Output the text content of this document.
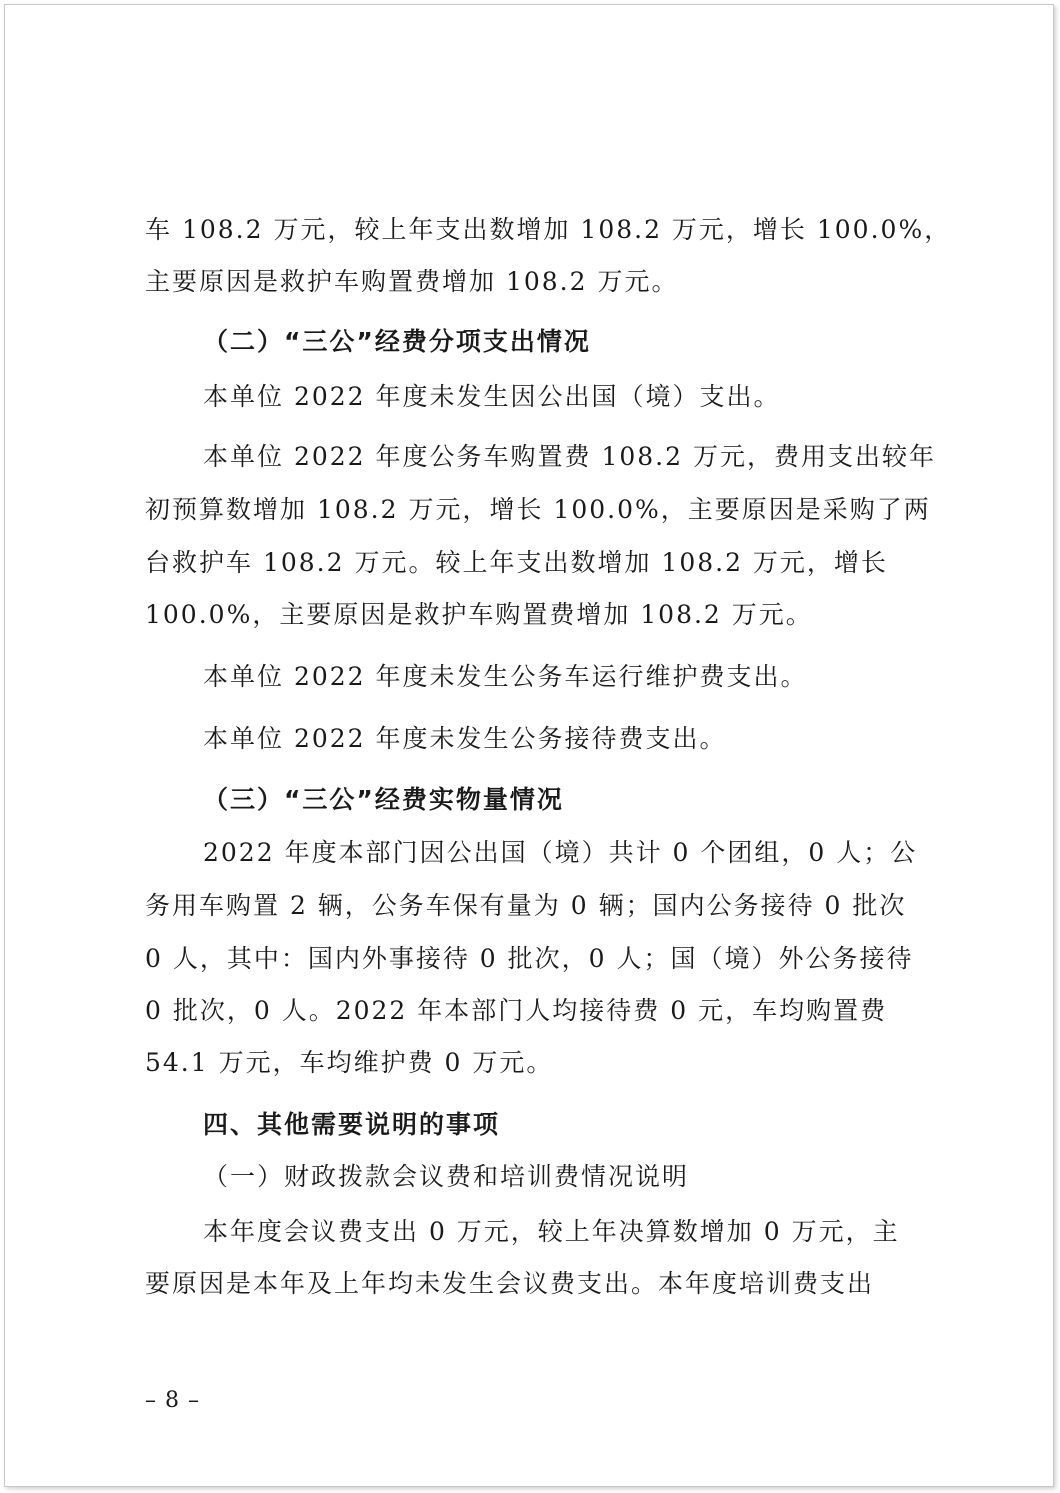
车 108.2 万元，较上年支出数增加 108.2 万元，增长 100.0%，
主要原因是救护车购置费增加 108.2 万元。
（二）“三公”经费分项支出情况
本单位 2022 年度未发生因公出国（境）支出。
本单位 2022 年度公务车购置费 108.2 万元，费用支出较年
初预算数增加 108.2 万元，增长 100.0%，主要原因是采购了两
台救护车 108.2 万元。较上年支出数增加 108.2 万元，增长
100.0%，主要原因是救护车购置费增加 108.2 万元。
本单位 2022 年度未发生公务车运行维护费支出。
本单位 2022 年度未发生公务接待费支出。
（三）“三公”经费实物量情况
2022 年度本部门因公出国（境）共计 0 个团组，0 人；公
务用车购置 2 辆，公务车保有量为 0 辆；国内公务接待 0 批次
0 人，其中：国内外事接待 0 批次，0 人；国（境）外公务接待
0 批次，0 人。2022 年本部门人均接待费 0 元，车均购置费
54.1 万元，车均维护费 0 万元。
四、其他需要说明的事项
（一）财政拨款会议费和培训费情况说明
本年度会议费支出 0 万元，较上年决算数增加 0 万元，主
要原因是本年及上年均未发生会议费支出。本年度培训费支出
– 8 –
